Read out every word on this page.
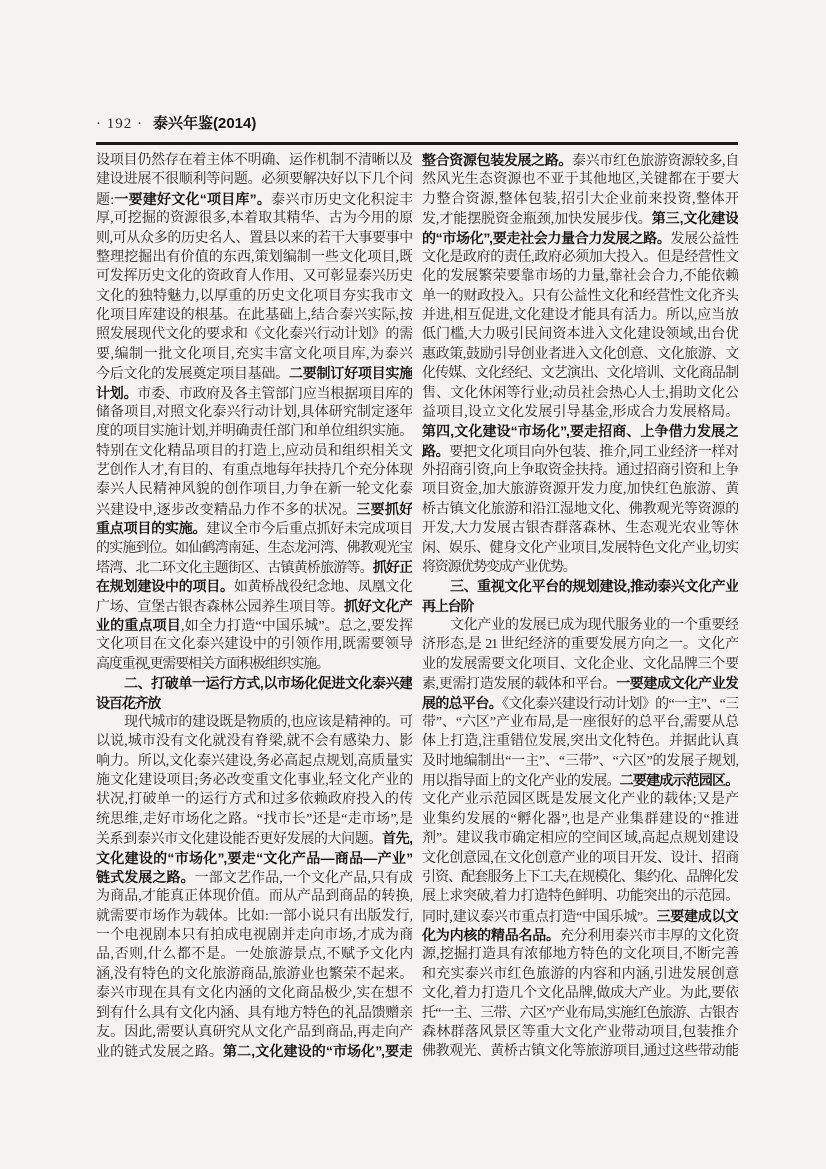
· 192 · 泰兴年鉴(2014)
设项目仍然存在着主体不明确、运作机制不清晰以及
建设进展不很顺利等问题。必须要解决好以下几个问
题:一要建好文化“项目库”。泰兴市历史文化积淀丰
厚,可挖掘的资源很多,本着取其精华、古为今用的原
则,可从众多的历史名人、置县以来的若干大事要事中
整理挖掘出有价值的东西,策划编制一些文化项目,既
可发挥历史文化的资政育人作用、又可彰显泰兴历史
文化的独特魅力,以厚重的历史文化项目夯实我市文
化项目库建设的根基。在此基础上,结合泰兴实际,按
照发展现代文化的要求和《文化泰兴行动计划》的需
要,编制一批文化项目,充实丰富文化项目库,为泰兴
今后文化的发展奠定项目基础。二要制订好项目实施
计划。市委、市政府及各主管部门应当根据项目库的
储备项目,对照文化泰兴行动计划,具体研究制定逐年
度的项目实施计划,并明确责任部门和单位组织实施。
特别在文化精品项目的打造上,应动员和组织相关文
艺创作人才,有目的、有重点地每年扶持几个充分体现
泰兴人民精神风貌的创作项目,力争在新一轮文化泰
兴建设中,逐步改变精品力作不多的状况。三要抓好
重点项目的实施。建议全市今后重点抓好未完成项目
的实施到位。如仙鹤湾南延、生态龙河湾、佛教观光宝
塔湾、北二环文化主题街区、古镇黄桥旅游等。抓好正
在规划建设中的项目。如黄桥战役纪念地、凤凰文化
广场、宣堡古银杏森林公园养生项目等。抓好文化产
业的重点项目,如全力打造“中国乐城”。总之,要发挥
文化项目在文化泰兴建设中的引领作用,既需要领导
高度重视,更需要相关方面积极组织实施。
二、打破单一运行方式,以市场化促进文化泰兴建
设百花齐放
现代城市的建设既是物质的,也应该是精神的。可
以说,城市没有文化就没有脊梁,就不会有感染力、影
响力。所以,文化泰兴建设,务必高起点规划,高质量实
施文化建设项目;务必改变重文化事业,轻文化产业的
状况,打破单一的运行方式和过多依赖政府投入的传
统思维,走好市场化之路。“找市长”还是“走市场”,是
关系到泰兴市文化建设能否更好发展的大问题。首先,
文化建设的“市场化”,要走“文化产品—商品—产业”
链式发展之路。一部文艺作品,一个文化产品,只有成
为商品,才能真正体现价值。而从产品到商品的转换,
就需要市场作为载体。比如:一部小说只有出版发行,
一个电视剧本只有拍成电视剧并走向市场,才成为商
品,否则,什么都不是。一处旅游景点,不赋予文化内
涵,没有特色的文化旅游商品,旅游业也繁荣不起来。
泰兴市现在具有文化内涵的文化商品极少,实在想不
到有什么具有文化内涵、具有地方特色的礼品馈赠亲
友。因此,需要认真研究从文化产品到商品,再走向产
业的链式发展之路。第二,文化建设的“市场化”,要走
整合资源包装发展之路。泰兴市红色旅游资源较多,自
然风光生态资源也不亚于其他地区,关键都在于要大
力整合资源,整体包装,招引大企业前来投资,整体开
发,才能摆脱资金瓶颈,加快发展步伐。第三,文化建设
的“市场化”,要走社会力量合力发展之路。发展公益性
文化是政府的责任,政府必须加大投入。但是经营性文
化的发展繁荣要靠市场的力量,靠社会合力,不能依赖
单一的财政投入。只有公益性文化和经营性文化齐头
并进,相互促进,文化建设才能具有活力。所以,应当放
低门槛,大力吸引民间资本进入文化建设领域,出台优
惠政策,鼓励引导创业者进入文化创意、文化旅游、文
化传媒、文化经纪、文艺演出、文化培训、文化商品制
售、文化休闲等行业;动员社会热心人士,捐助文化公
益项目,设立文化发展引导基金,形成合力发展格局。
第四,文化建设“市场化”,要走招商、上争借力发展之
路。要把文化项目向外包装、推介,同工业经济一样对
外招商引资,向上争取资金扶持。通过招商引资和上争
项目资金,加大旅游资源开发力度,加快红色旅游、黄
桥古镇文化旅游和沿江湿地文化、佛教观光等资源的
开发,大力发展古银杏群落森林、生态观光农业等休
闲、娱乐、健身文化产业项目,发展特色文化产业,切实
将资源优势变成产业优势。
三、重视文化平台的规划建设,推动泰兴文化产业
再上台阶
文化产业的发展已成为现代服务业的一个重要经
济形态,是 21 世纪经济的重要发展方向之一。文化产
业的发展需要文化项目、文化企业、文化品牌三个要
素,更需打造发展的载体和平台。一要建成文化产业发
展的总平台。《文化泰兴建设行动计划》的“一主”、“三
带”、“六区”产业布局,是一座很好的总平台,需要从总
体上打造,注重错位发展,突出文化特色。并据此认真
及时地编制出“一主”、“三带”、“六区”的发展子规划,
用以指导面上的文化产业的发展。二要建成示范园区。
文化产业示范园区既是发展文化产业的载体;又是产
业集约发展的“孵化器”,也是产业集群建设的“推进
剂”。建议我市确定相应的空间区域,高起点规划建设
文化创意园,在文化创意产业的项目开发、设计、招商
引资、配套服务上下工夫,在规模化、集约化、品牌化发
展上求突破,着力打造特色鲜明、功能突出的示范园。
同时,建议泰兴市重点打造“中国乐城”。三要建成以文
化为内核的精品名品。充分利用泰兴市丰厚的文化资
源,挖掘打造具有浓郁地方特色的文化项目,不断完善
和充实泰兴市红色旅游的内容和内涵,引进发展创意
文化,着力打造几个文化品牌,做成大产业。为此,要依
托“一主、三带、六区”产业布局,实施红色旅游、古银杏
森林群落风景区等重大文化产业带动项目,包装推介
佛教观光、黄桥古镇文化等旅游项目,通过这些带动能
